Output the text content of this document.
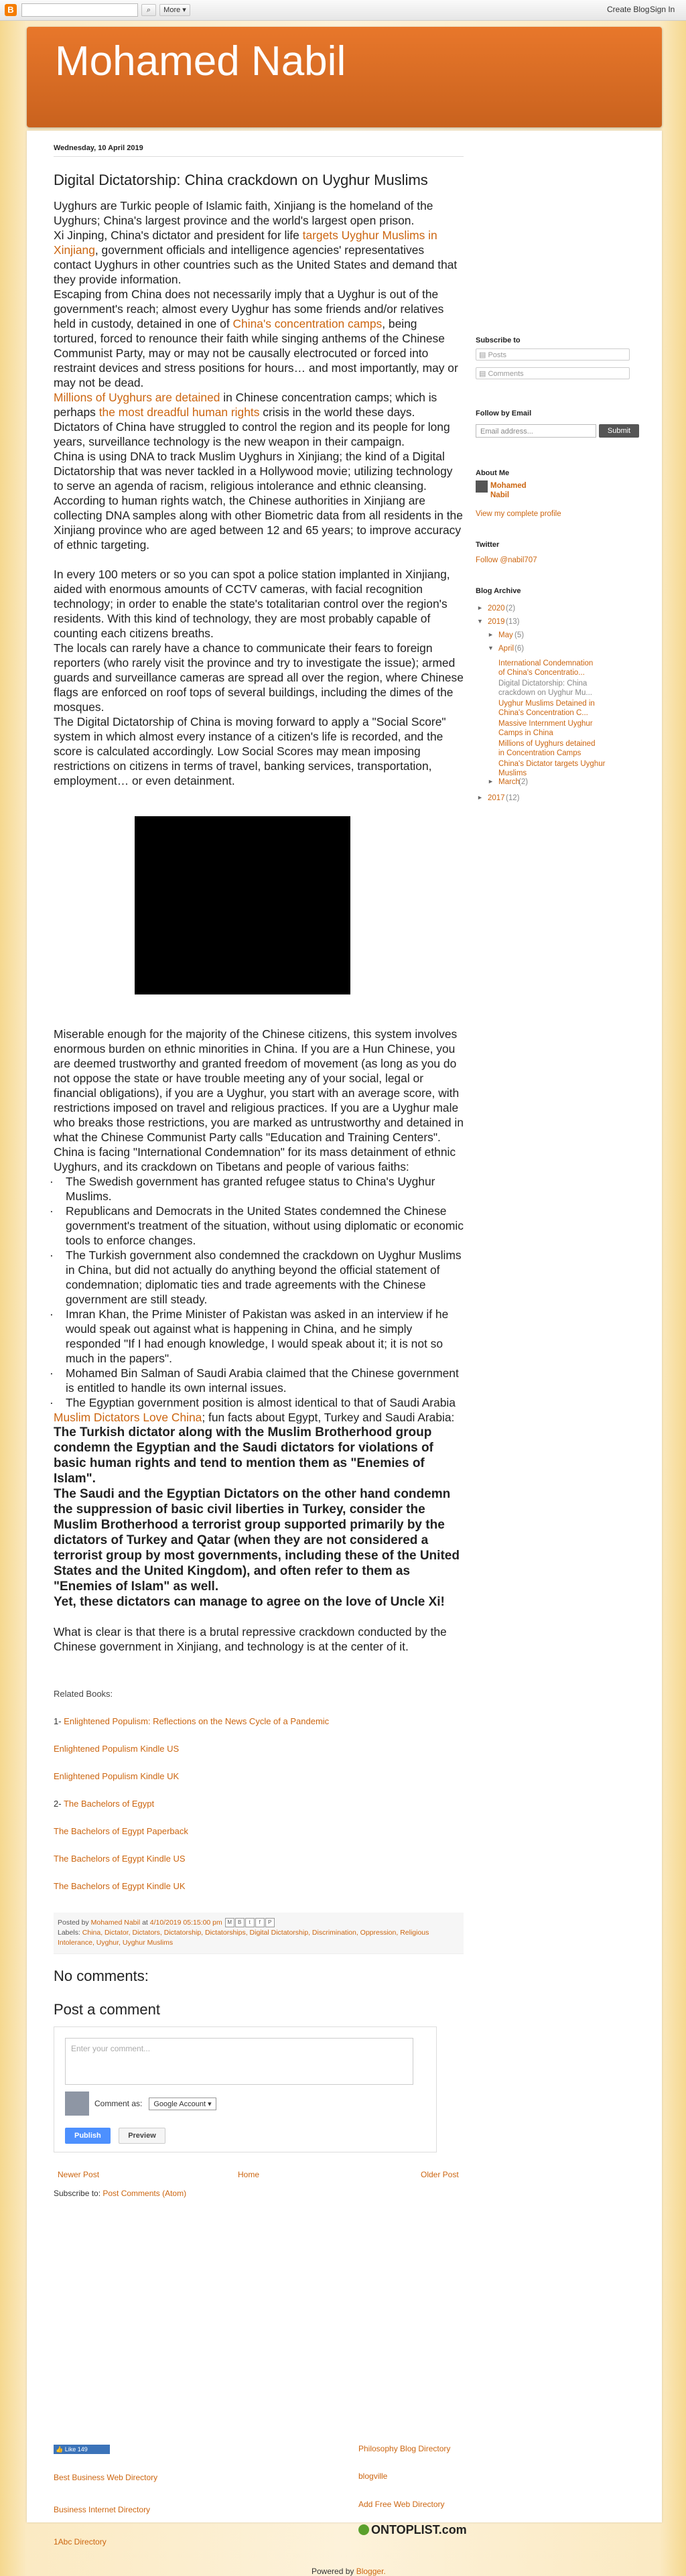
B	⌕	More ▾	Create Blog Sign In
Mohamed Nabil
Wednesday, 10 April 2019
Digital Dictatorship: China crackdown on Uyghur Muslims

Uyghurs are Turkic people of Islamic faith, Xinjiang is the homeland of the Uyghurs; China's largest province and the world's largest open prison.

Xi Jinping, China's dictator and president for life targets Uyghur Muslims in Xinjiang, government officials and intelligence agencies' representatives contact Uyghurs in other countries such as the United States and demand that they provide information.

Escaping from China does not necessarily imply that a Uyghur is out of the government's reach; almost every Uyghur has some friends and/or relatives held in custody, detained in one of China's concentration camps, being tortured, forced to renounce their faith while singing anthems of the Chinese Communist Party, may or may not be causally electrocuted or forced into restraint devices and stress positions for hours… and most importantly, may or may not be dead.

Millions of Uyghurs are detained in Chinese concentration camps; which is perhaps the most dreadful human rights crisis in the world these days. Dictators of China have struggled to control the region and its people for long years, surveillance technology is the new weapon in their campaign.

China is using DNA to track Muslim Uyghurs in Xinjiang; the kind of a Digital Dictatorship that was never tackled in a Hollywood movie; utilizing technology to serve an agenda of racism, religious intolerance and ethnic cleansing. According to human rights watch, the Chinese authorities in Xinjiang are collecting DNA samples along with other Biometric data from all residents in the Xinjiang province who are aged between 12 and 65 years; to improve accuracy of ethnic targeting.

In every 100 meters or so you can spot a police station implanted in Xinjiang, aided with enormous amounts of CCTV cameras, with facial recognition technology; in order to enable the state's totalitarian control over the region's residents. With this kind of technology, they are most probably capable of counting each citizens breaths.

The locals can rarely have a chance to communicate their fears to foreign reporters (who rarely visit the province and try to investigate the issue); armed guards and surveillance cameras are spread all over the region, where Chinese flags are enforced on roof tops of several buildings, including the dimes of the mosques.

The Digital Dictatorship of China is moving forward to apply a "Social Score" system in which almost every instance of a citizen's life is recorded, and the score is calculated accordingly. Low Social Scores may mean imposing restrictions on citizens in terms of travel, banking services, transportation, employment… or even detainment.

Miserable enough for the majority of the Chinese citizens, this system involves enormous burden on ethnic minorities in China. If you are a Hun Chinese, you are deemed trustworthy and granted freedom of movement (as long as you do not oppose the state or have trouble meeting any of your social, legal or financial obligations), if you are a Uyghur, you start with an average score, with restrictions imposed on travel and religious practices. If you are a Uyghur male who breaks those restrictions, you are marked as untrustworthy and detained in what the Chinese Communist Party calls "Education and Training Centers".

China is facing "International Condemnation" for its mass detainment of ethnic Uyghurs, and its crackdown on Tibetans and people of various faiths:

· The Swedish government has granted refugee status to China's Uyghur Muslims.

· Republicans and Democrats in the United States condemned the Chinese government's treatment of the situation, without using diplomatic or economic tools to enforce changes.

· The Turkish government also condemned the crackdown on Uyghur Muslims in China, but did not actually do anything beyond the official statement of condemnation; diplomatic ties and trade agreements with the Chinese government are still steady.

· Imran Khan, the Prime Minister of Pakistan was asked in an interview if he would speak out against what is happening in China, and he simply responded "If I had enough knowledge, I would speak about it; it is not so much in the papers".

· Mohamed Bin Salman of Saudi Arabia claimed that the Chinese government is entitled to handle its own internal issues.

· The Egyptian government position is almost identical to that of Saudi Arabia

Muslim Dictators Love China; fun facts about Egypt, Turkey and Saudi Arabia:

The Turkish dictator along with the Muslim Brotherhood group condemn the Egyptian and the Saudi dictators for violations of basic human rights and tend to mention them as "Enemies of Islam".

The Saudi and the Egyptian Dictators on the other hand condemn the suppression of basic civil liberties in Turkey, consider the Muslim Brotherhood a terrorist group supported primarily by the dictators of Turkey and Qatar (when they are not considered a terrorist group by most governments, including these of the United States and the United Kingdom), and often refer to them as "Enemies of Islam" as well.

Yet, these dictators can manage to agree on the love of Uncle Xi!

What is clear is that there is a brutal repressive crackdown conducted by the Chinese government in Xinjiang, and technology is at the center of it.

Related Books:
1- Enlightened Populism: Reflections on the News Cycle of a Pandemic
Enlightened Populism Kindle US
Enlightened Populism Kindle UK
2- The Bachelors of Egypt
The Bachelors of Egypt Paperback
The Bachelors of Egypt Kindle US
The Bachelors of Egypt Kindle UK
Posted by Mohamed Nabil at 4/10/2019 05:15:00 pm M B t f P
Labels: China, Dictator, Dictators, Dictatorship, Dictatorships, Digital Dictatorship, Discrimination, Oppression, Religious Intolerance, Uyghur, Uyghur Muslims
No comments:
Post a comment
Enter your comment...
Comment as:	Google Account ▾
Publish	Preview
Newer Post	Home	Older Post
Subscribe to: Post Comments (Atom)
Subscribe to
▤ Posts
▤ Comments
Follow by Email
Email address...	Submit
About Me
Mohamed Nabil
View my complete profile
Twitter
Follow @nabil707
Blog Archive
► 2020 (2)
▼ 2019 (13)
► May (5)
▼ April (6)
International Condemnation of China's Concentratio...
Digital Dictatorship: China crackdown on Uyghur Mu...
Uyghur Muslims Detained in China's Concentration C...
Massive Internment Uyghur Camps in China
Millions of Uyghurs detained in Concentration Camps
China's Dictator targets Uyghur Muslims
► March
(2)
► 2017 (12)
👍 Like 149
Best Business Web Directory
Business Internet Directory
1Abc Directory
Philosophy Blog Directory
blogville
Add Free Web Directory
ONTOPLIST.com
Powered by Blogger.
